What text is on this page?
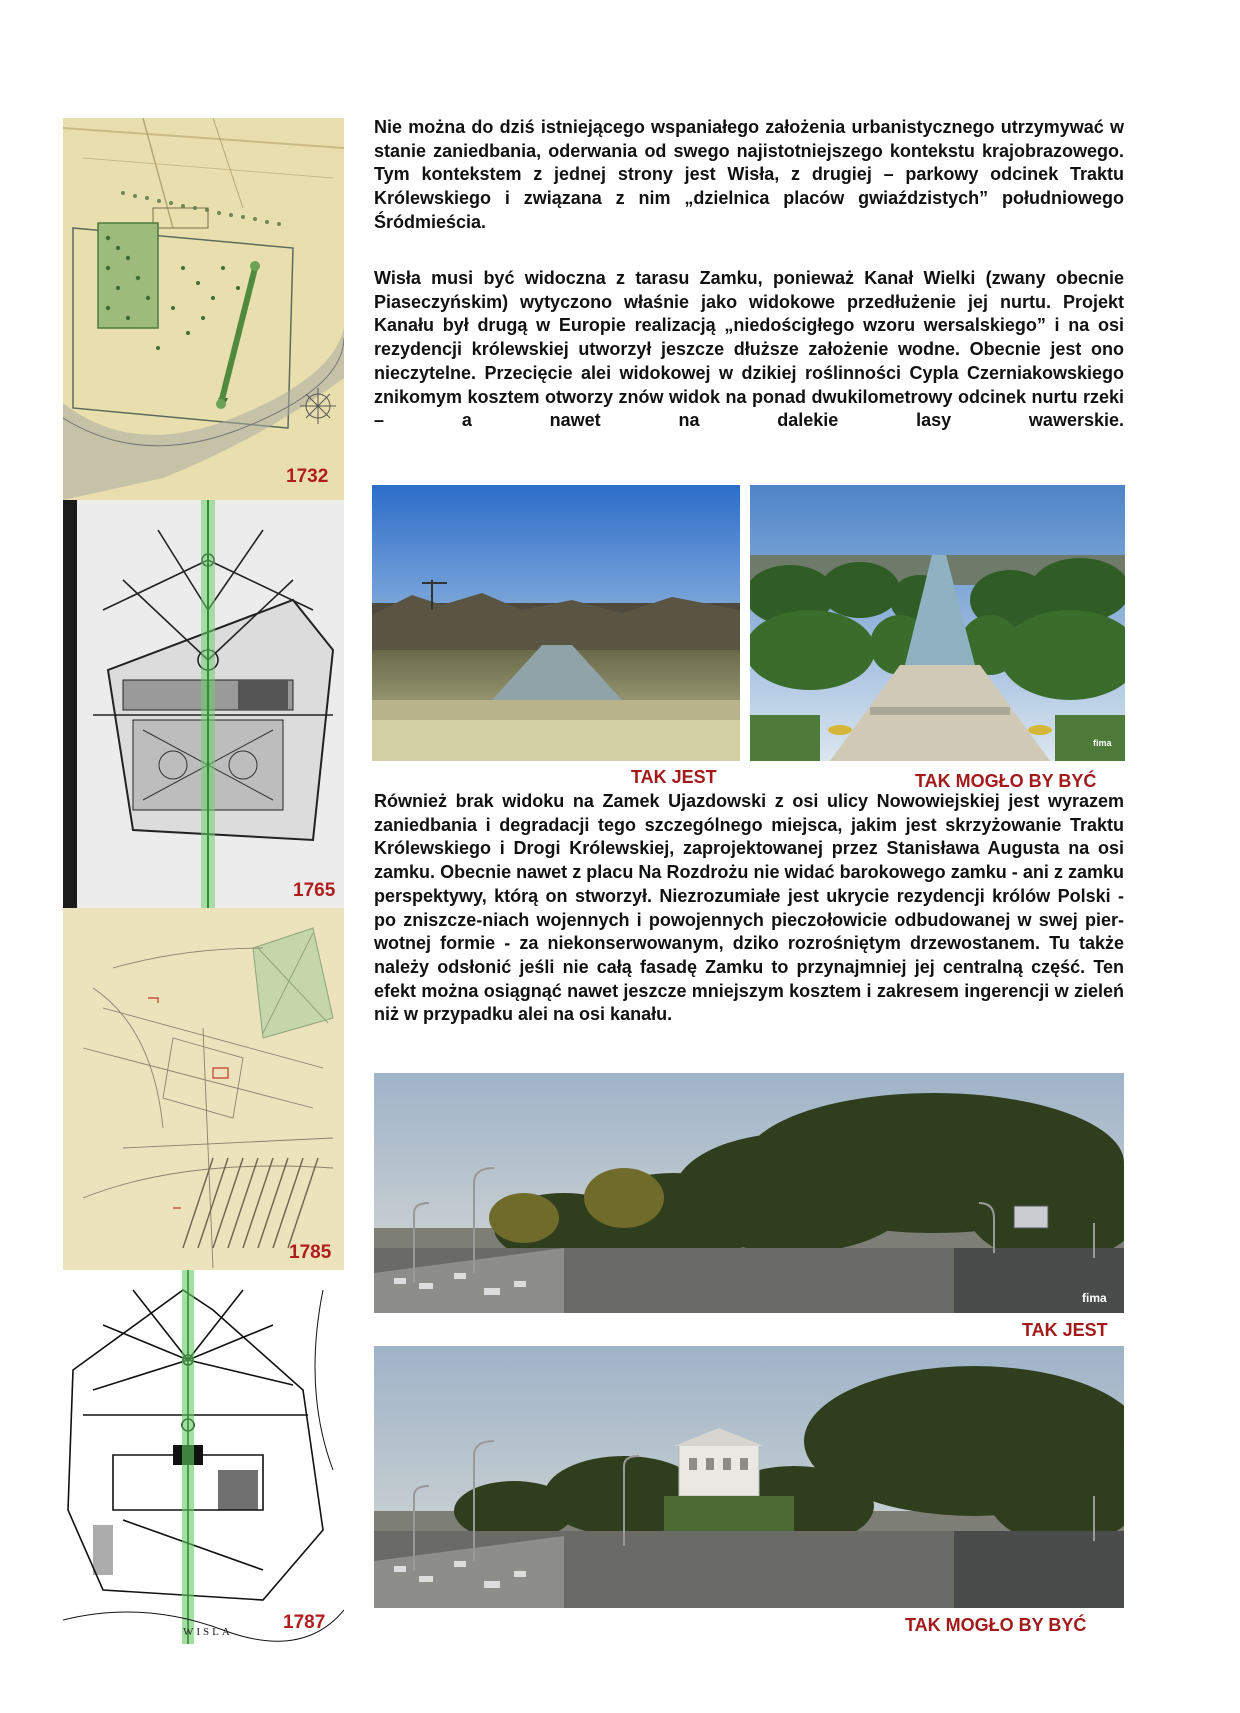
1732
1765
1785
WISLA	1787

Nie można do dziś istniejącego wspaniałego założenia urbanistycznego utrzymywać w stanie zaniedbania, oderwania od swego najistotniejszego kontekstu krajobrazowego. Tym kontekstem z jednej strony jest Wisła, z drugiej – parkowy odcinek Traktu Królewskiego i związana z nim „dzielnica placów gwiaździstych” południowego Śródmieścia.

Wisła musi być widoczna z tarasu Zamku, ponieważ Kanał Wielki (zwany obecnie Piaseczyńskim) wytyczono właśnie jako widokowe przedłużenie jej nurtu. Projekt Kanału był drugą w Europie realizacją „niedościgłego wzoru wersalskiego” i na osi rezydencji królewskiej utworzył jeszcze dłuższe założenie wodne. Obecnie jest ono nieczytelne. Przecięcie alei widokowej w dzikiej roślinności Cypla Czerniakowskiego znikomym kosztem otworzy znów widok na ponad dwukilometrowy odcinek nurtu rzeki – a nawet na dalekie lasy wawerskie.

fima
TAK JEST	TAK MOGŁO BY BYĆ

Również brak widoku na Zamek Ujazdowski z osi ulicy Nowowiejskiej jest wyrazem zaniedbania i degradacji tego szczególnego miejsca, jakim jest skrzyżowanie Traktu Królewskiego i Drogi Królewskiej, zaprojektowanej przez Stanisława Augusta na osi zamku. Obecnie nawet z placu Na Rozdrożu nie widać barokowego zamku - ani z zamku perspektywy, którą on stworzył. Niezrozumiałe jest ukrycie rezydencji królów Polski - po zniszcze-niach wojennych i powojennych pieczołowicie odbudowanej w swej pier-wotnej formie - za niekonserwowanym, dziko rozrośniętym drzewostanem. Tu także należy odsłonić jeśli nie całą fasadę Zamku to przynajmniej jej centralną część. Ten efekt można osiągnąć nawet jeszcze mniejszym kosztem i zakresem ingerencji w zieleń niż w przypadku alei na osi kanału.

fima
TAK JEST
TAK MOGŁO BY BYĆ
